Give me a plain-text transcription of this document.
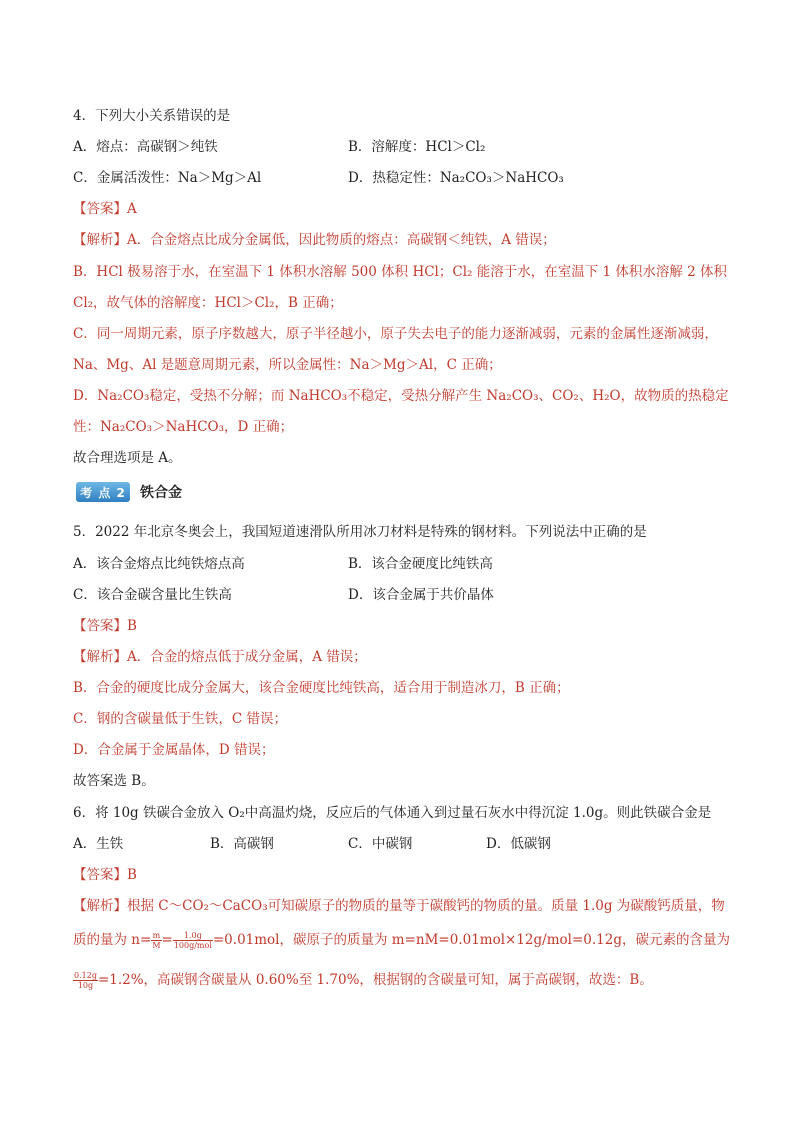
4．下列大小关系错误的是
A．熔点：高碳钢＞纯铁	B．溶解度：HCl＞Cl₂
C．金属活泼性：Na＞Mg＞Al	D．热稳定性：Na₂CO₃＞NaHCO₃
【答案】A
【解析】A．合金熔点比成分金属低，因此物质的熔点：高碳钢＜纯铁，A 错误；
B．HCl 极易溶于水，在室温下 1 体积水溶解 500 体积 HCl；Cl₂ 能溶于水，在室温下 1 体积水溶解 2 体积
Cl₂，故气体的溶解度：HCl＞Cl₂，B 正确；
C．同一周期元素，原子序数越大，原子半径越小，原子失去电子的能力逐渐减弱，元素的金属性逐渐减弱，
Na、Mg、Al 是题意周期元素，所以金属性：Na＞Mg＞Al，C 正确；
D．Na₂CO₃稳定，受热不分解；而 NaHCO₃不稳定，受热分解产生 Na₂CO₃、CO₂、H₂O，故物质的热稳定
性：Na₂CO₃＞NaHCO₃，D 正确；
故合理选项是 A。
考 点 2 铁合金
5．2022 年北京冬奥会上，我国短道速滑队所用冰刀材料是特殊的钢材料。下列说法中正确的是
A．该合金熔点比纯铁熔点高	B．该合金硬度比纯铁高
C．该合金碳含量比生铁高	D．该合金属于共价晶体
【答案】B
【解析】A．合金的熔点低于成分金属，A 错误；
B．合金的硬度比成分金属大，该合金硬度比纯铁高，适合用于制造冰刀，B 正确；
C．钢的含碳量低于生铁，C 错误；
D．合金属于金属晶体，D 错误；
故答案选 B。
6．将 10g 铁碳合金放入 O₂中高温灼烧，反应后的气体通入到过量石灰水中得沉淀 1.0g。则此铁碳合金是
A．生铁	B．高碳钢	C．中碳钢	D．低碳钢
【答案】B
【解析】根据 C～CO₂～CaCO₃可知碳原子的物质的量等于碳酸钙的物质的量。质量 1.0g 为碳酸钙质量，物
质的量为 $n= \frac{m}{M} = \frac{1.0g}{\text{100g/mol}} =0.01mol$，碳原子的质量为 m=nM=0.01mol×12g/mol=0.12g，碳元素的含量为
$\frac{0.12g}{10g} =1.2\%$，高碳钢含碳量从 0.60%至 1.70%，根据钢的含碳量可知，属于高碳钢，故选：B。
